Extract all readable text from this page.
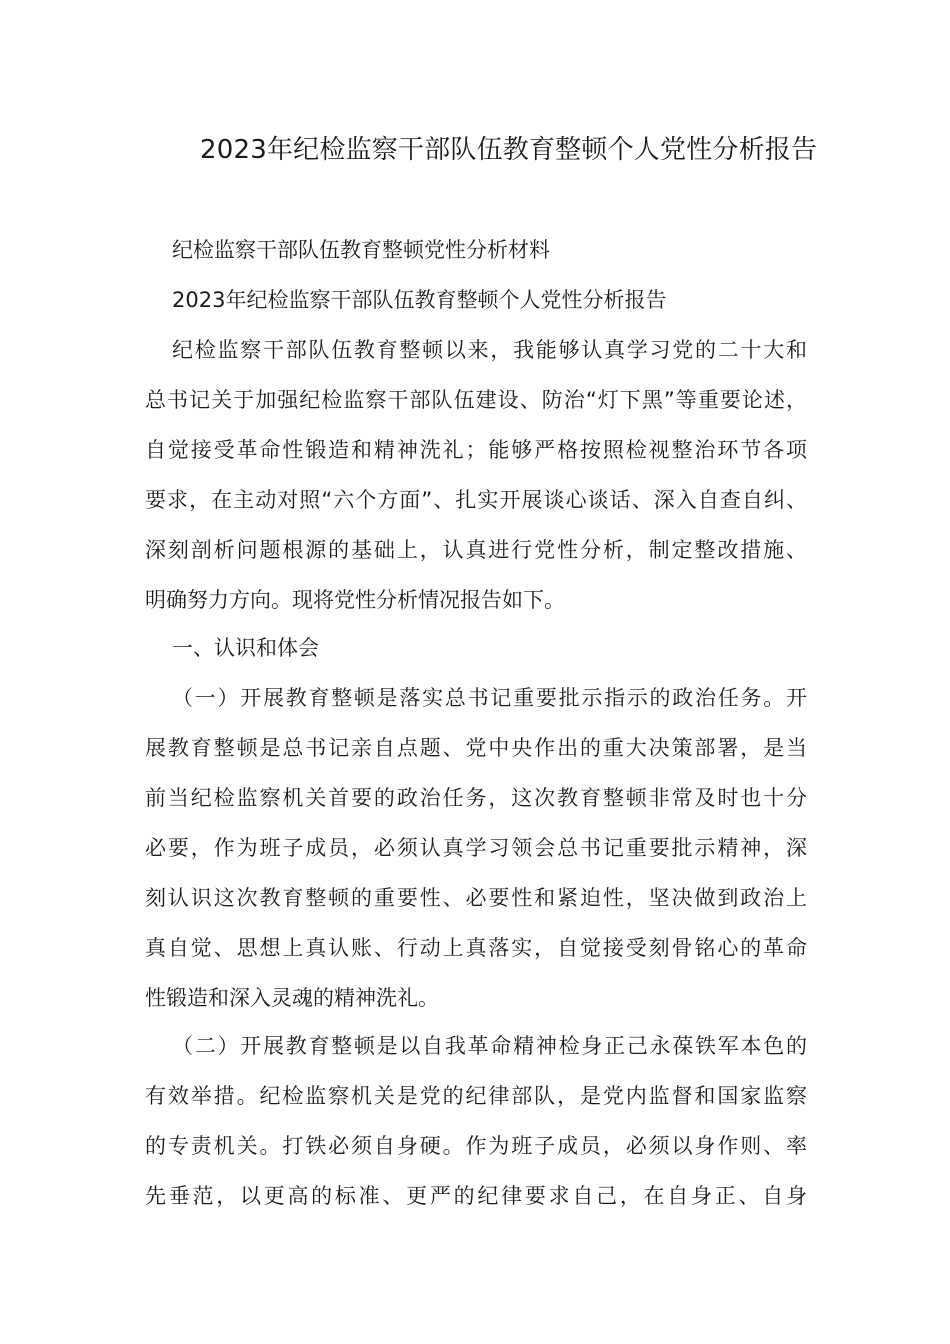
2023年纪检监察干部队伍教育整顿个人党性分析报告
纪检监察干部队伍教育整顿党性分析材料
2023年纪检监察干部队伍教育整顿个人党性分析报告
纪检监察干部队伍教育整顿以来，我能够认真学习党的二十大和
总书记关于加强纪检监察干部队伍建设、防治“灯下黑”等重要论述，
自觉接受革命性锻造和精神洗礼；能够严格按照检视整治环节各项
要求，在主动对照“六个方面”、扎实开展谈心谈话、深入自查自纠、
深刻剖析问题根源的基础上，认真进行党性分析，制定整改措施、
明确努力方向。现将党性分析情况报告如下。
一、认识和体会
（一）开展教育整顿是落实总书记重要批示指示的政治任务。开
展教育整顿是总书记亲自点题、党中央作出的重大决策部署，是当
前当纪检监察机关首要的政治任务，这次教育整顿非常及时也十分
必要，作为班子成员，必须认真学习领会总书记重要批示精神，深
刻认识这次教育整顿的重要性、必要性和紧迫性，坚决做到政治上
真自觉、思想上真认账、行动上真落实，自觉接受刻骨铭心的革命
性锻造和深入灵魂的精神洗礼。
（二）开展教育整顿是以自我革命精神检身正己永葆铁军本色的
有效举措。纪检监察机关是党的纪律部队，是党内监督和国家监察
的专责机关。打铁必须自身硬。作为班子成员，必须以身作则、率
先垂范，以更高的标准、更严的纪律要求自己，在自身正、自身
